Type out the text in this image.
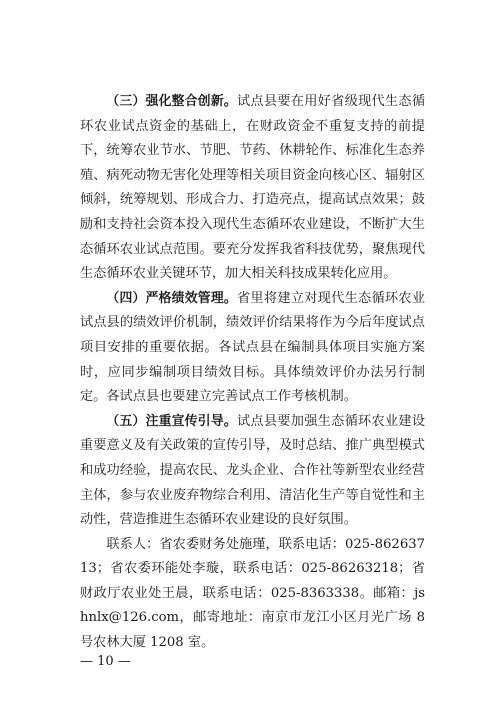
（三）强化整合创新。试点县要在用好省级现代生态循环农业试点资金的基础上，在财政资金不重复支持的前提下，统筹农业节水、节肥、节药、休耕轮作、标准化生态养殖、病死动物无害化处理等相关项目资金向核心区、辐射区倾斜，统筹规划、形成合力、打造亮点，提高试点效果；鼓励和支持社会资本投入现代生态循环农业建设，不断扩大生态循环农业试点范围。要充分发挥我省科技优势，聚焦现代生态循环农业关键环节，加大相关科技成果转化应用。

（四）严格绩效管理。省里将建立对现代生态循环农业试点县的绩效评价机制，绩效评价结果将作为今后年度试点项目安排的重要依据。各试点县在编制具体项目实施方案时，应同步编制项目绩效目标。具体绩效评价办法另行制定。各试点县也要建立完善试点工作考核机制。

（五）注重宣传引导。试点县要加强生态循环农业建设重要意义及有关政策的宣传引导，及时总结、推广典型模式和成功经验，提高农民、龙头企业、合作社等新型农业经营主体，参与农业废弃物综合利用、清洁化生产等自觉性和主动性，营造推进生态循环农业建设的良好氛围。

联系人：省农委财务处施瑾，联系电话：025-86263713；省农委环能处李璇，联系电话：025-86263218；省财政厅农业处王晨，联系电话：025-8363338。邮箱：jshnlx@126.com，邮寄地址：南京市龙江小区月光广场 8 号农林大厦 1208 室。

— 10 —
